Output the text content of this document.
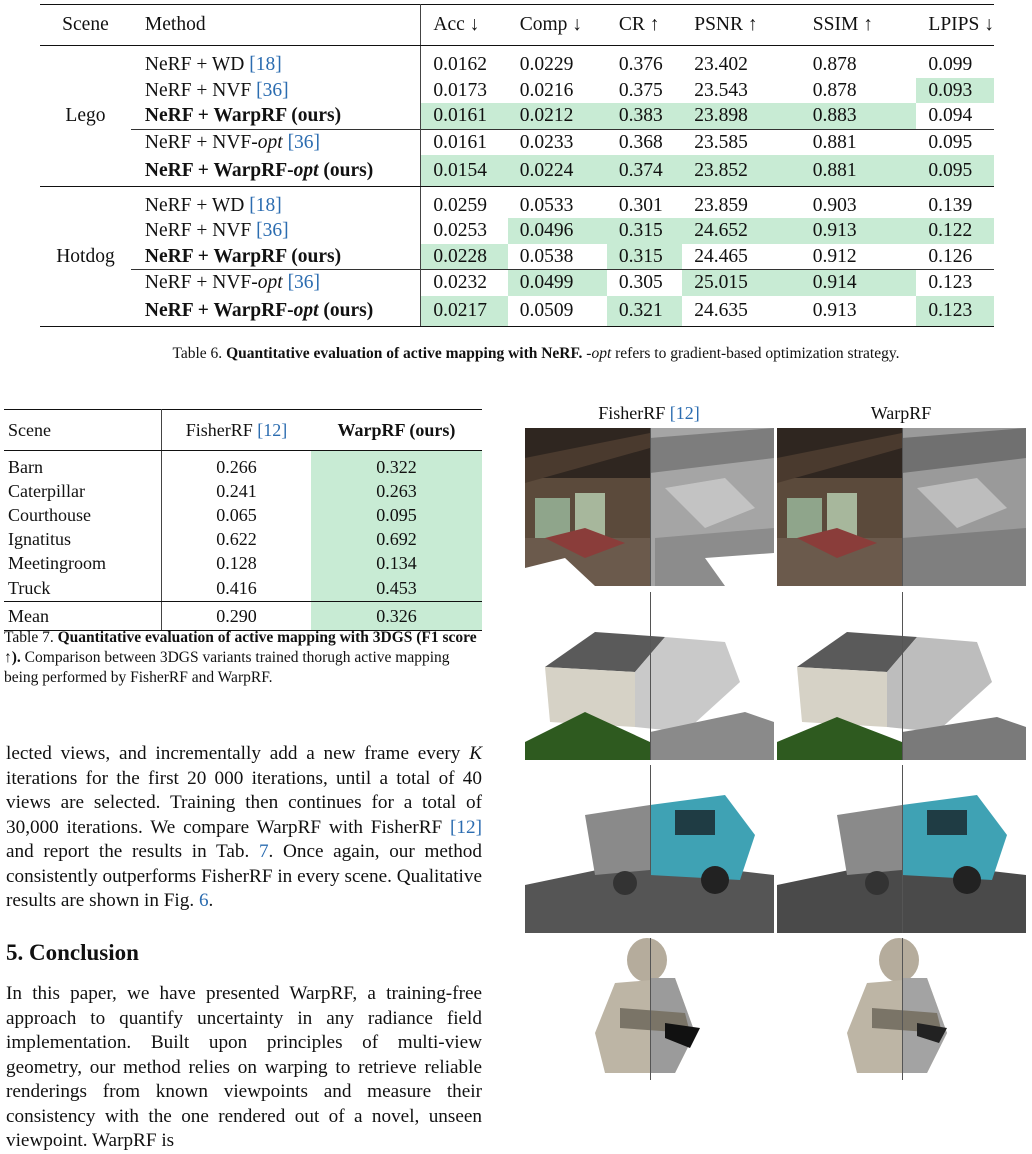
Scene	Method	Acc ↓	Comp ↓	CR ↑	PSNR ↑	SSIM ↑	LPIPS ↓
Lego	NeRF + WD [18]	0.0162	0.0229	0.376	23.402	0.878	0.099
	NeRF + NVF [36]	0.0173	0.0216	0.375	23.543	0.878	0.093
	NeRF + WarpRF (ours)	0.0161	0.0212	0.383	23.898	0.883	0.094
	NeRF + NVF-opt [36]	0.0161	0.0233	0.368	23.585	0.881	0.095
	NeRF + WarpRF-opt (ours)	0.0154	0.0224	0.374	23.852	0.881	0.095
Hotdog	NeRF + WD [18]	0.0259	0.0533	0.301	23.859	0.903	0.139
	NeRF + NVF [36]	0.0253	0.0496	0.315	24.652	0.913	0.122
	NeRF + WarpRF (ours)	0.0228	0.0538	0.315	24.465	0.912	0.126
	NeRF + NVF-opt [36]	0.0232	0.0499	0.305	25.015	0.914	0.123
	NeRF + WarpRF-opt (ours)	0.0217	0.0509	0.321	24.635	0.913	0.123
Table 6. Quantitative evaluation of active mapping with NeRF. -opt refers to gradient-based optimization strategy.
Scene	FisherRF [12]	WarpRF (ours)
Barn	0.266	0.322
Caterpillar	0.241	0.263
Courthouse	0.065	0.095
Ignatitus	0.622	0.692
Meetingroom	0.128	0.134
Truck	0.416	0.453
Mean	0.290	0.326
Table 7. Quantitative evaluation of active mapping with 3DGS (F1 score ↑). Comparison between 3DGS variants trained thorugh active mapping being performed by FisherRF and WarpRF.
lected views, and incrementally add a new frame every K iterations for the first 20 000 iterations, until a total of 40 views are selected. Training then continues for a total of 30,000 iterations. We compare WarpRF with FisherRF [12] and report the results in Tab. 7. Once again, our method consistently outperforms FisherRF in every scene. Qualitative results are shown in Fig. 6.
5. Conclusion
In this paper, we have presented WarpRF, a training-free approach to quantify uncertainty in any radiance field implementation. Built upon principles of multi-view geometry, our method relies on warping to retrieve reliable renderings from known viewpoints and measure their consistency with the one rendered out of a novel, unseen viewpoint. WarpRF is
FisherRF [12]	WarpRF
